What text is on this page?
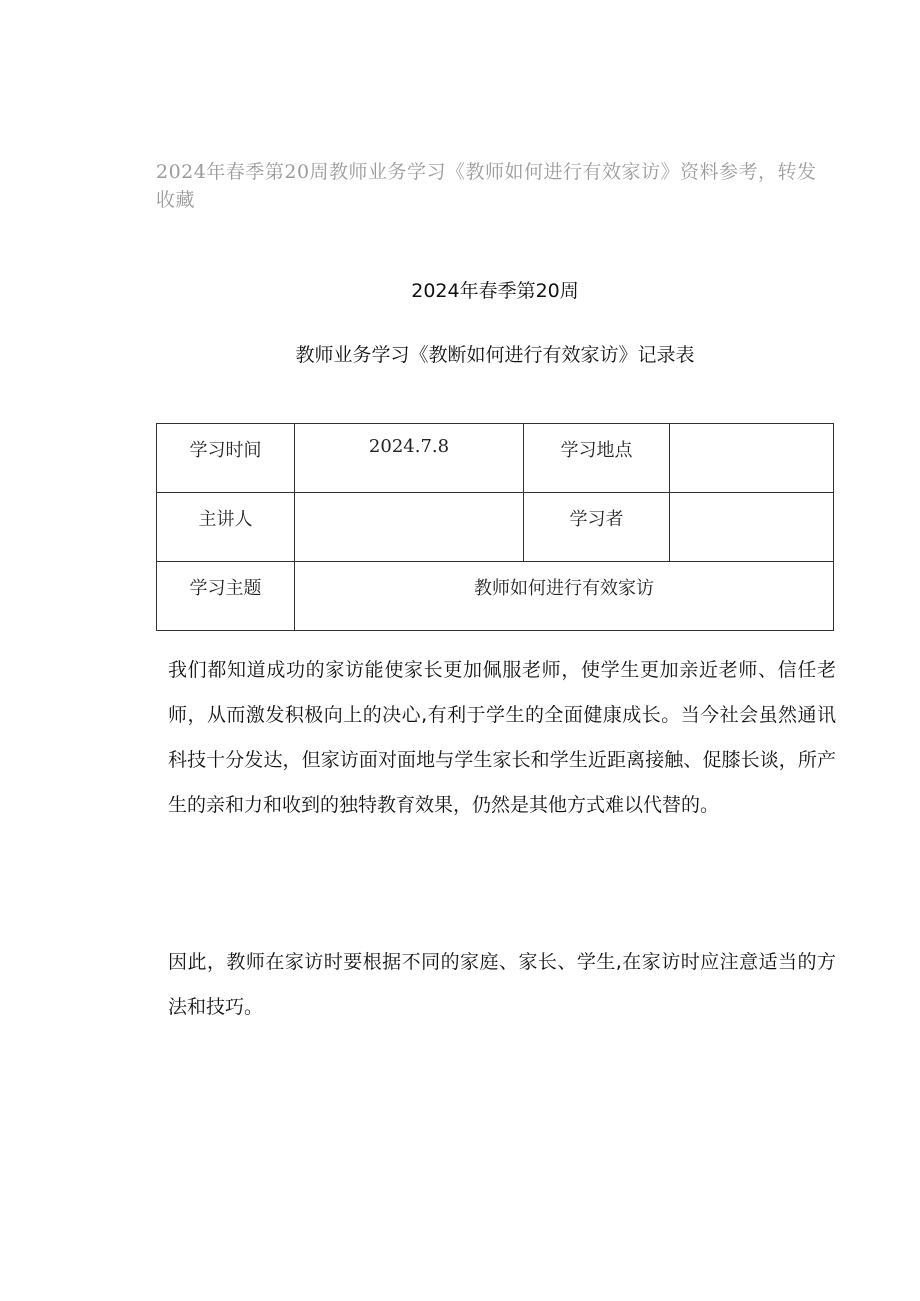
2024年春季第20周教师业务学习《教师如何进行有效家访》资料参考，转发收藏
2024年春季第20周
教师业务学习《教断如何进行有效家访》记录表
学习时间	2024.7.8	学习地点	
主讲人		学习者	
学习主题	教师如何进行有效家访		
我们都知道成功的家访能使家长更加佩服老师，使学生更加亲近老师、信任老师，从而激发积极向上的决心,有利于学生的全面健康成长。当今社会虽然通讯科技十分发达，但家访面对面地与学生家长和学生近距离接触、促膝长谈，所产生的亲和力和收到的独特教育效果，仍然是其他方式难以代替的。
因此，教师在家访时要根据不同的家庭、家长、学生,在家访时应注意适当的方法和技巧。
